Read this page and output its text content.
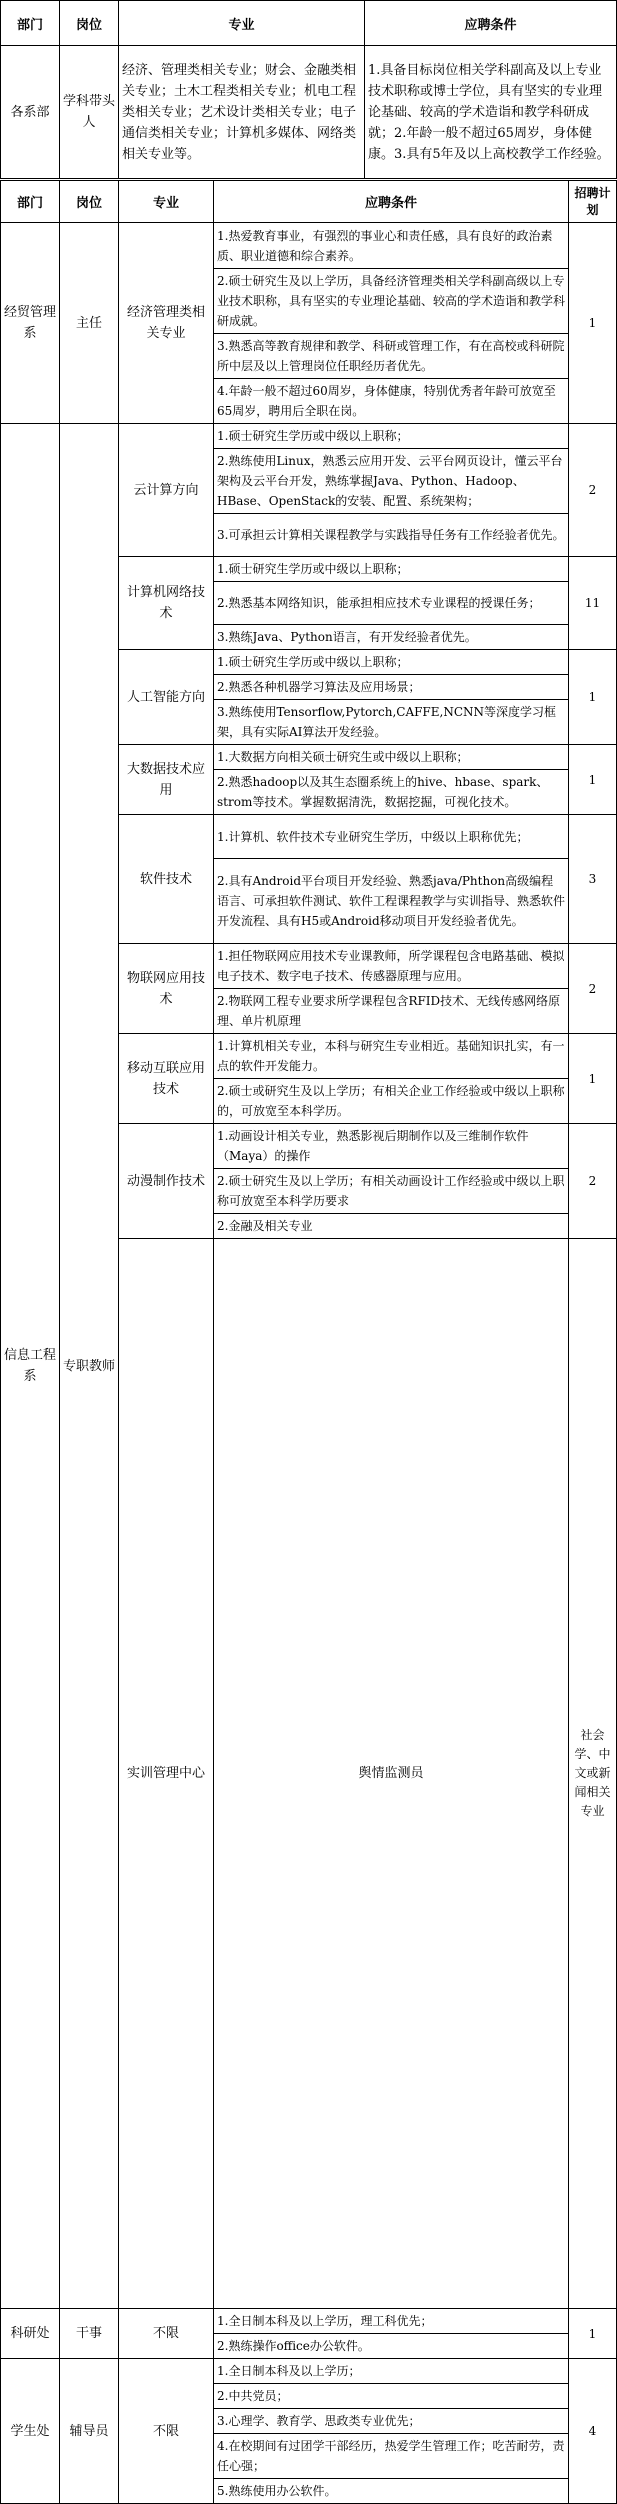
部门	岗位	专业	应聘条件
各系部	学科带头人	经济、管理类相关专业；财会、金融类相关专业；土木工程类相关专业；机电工程类相关专业；艺术设计类相关专业；电子通信类相关专业；计算机多媒体、网络类相关专业等。	1.具备目标岗位相关学科副高及以上专业技术职称或博士学位，具有坚实的专业理论基础、较高的学术造诣和教学科研成就；2.年龄一般不超过65周岁，身体健康。3.具有5年及以上高校教学工作经验。
部门	岗位	专业	应聘条件	招聘计划	
经贸管理系	主任	经济管理类相关专业	1.热爱教育事业，有强烈的事业心和责任感，具有良好的政治素质、职业道德和综合素养。	1	
			2.硕士研究生及以上学历，具备经济管理类相关学科副高级以上专业技术职称，具有坚实的专业理论基础、较高的学术造诣和教学科研成就。		
			3.熟悉高等教育规律和教学、科研或管理工作，有在高校或科研院所中层及以上管理岗位任职经历者优先。		
			4.年龄一般不超过60周岁，身体健康，特别优秀者年龄可放宽至65周岁，聘用后全职在岗。		
信息工程系	专职教师	云计算方向	1.硕士研究生学历或中级以上职称；	2	
			2.熟练使用Linux，熟悉云应用开发、云平台网页设计，懂云平台架构及云平台开发，熟练掌握Java、Python、Hadoop、HBase、OpenStack的安装、配置、系统架构；		
			3.可承担云计算相关课程教学与实践指导任务有工作经验者优先。		
		计算机网络技术	1.硕士研究生学历或中级以上职称；	11	
			2.熟悉基本网络知识，能承担相应技术专业课程的授课任务；		
			3.熟练Java、Python语言，有开发经验者优先。		
		人工智能方向	1.硕士研究生学历或中级以上职称；	1	
			2.熟悉各种机器学习算法及应用场景；		
			3.熟练使用Tensorflow,Pytorch,CAFFE,NCNN等深度学习框架，具有实际AI算法开发经验。		
		大数据技术应用	1.大数据方向相关硕士研究生或中级以上职称；	1	
			2.熟悉hadoop以及其生态圈系统上的hive、hbase、spark、strom等技术。掌握数据清洗，数据挖掘，可视化技术。		
		软件技术	1.计算机、软件技术专业研究生学历，中级以上职称优先；	3	
			2.具有Android平台项目开发经验、熟悉java/Phthon高级编程语言、可承担软件测试、软件工程课程教学与实训指导、熟悉软件开发流程、具有H5或Android移动项目开发经验者优先。		
		物联网应用技术	1.担任物联网应用技术专业课教师，所学课程包含电路基础、模拟电子技术、数字电子技术、传感器原理与应用。	2	
			2.物联网工程专业要求所学课程包含RFID技术、无线传感网络原理、单片机原理		
		移动互联应用技术	1.计算机相关专业，本科与研究生专业相近。基础知识扎实，有一点的软件开发能力。	1	
			2.硕士或研究生及以上学历；有相关企业工作经验或中级以上职称的，可放宽至本科学历。		
		动漫制作技术	1.动画设计相关专业，熟悉影视后期制作以及三维制作软件（Maya）的操作	2	
			2.硕士研究生及以上学历；有相关动画设计工作经验或中级以上职称可放宽至本科学历要求		
			2.金融及相关专业		
		实训管理中心	舆情监测员	社会学、中文或新闻相关专业		

科研处	干事	不限	1.全日制本科及以上学历，理工科优先；	1	
			2.熟练操作office办公软件。		
学生处	辅导员	不限	1.全日制本科及以上学历；	4	
			2.中共党员；		
			3.心理学、教育学、思政类专业优先；		
			4.在校期间有过团学干部经历，热爱学生管理工作；吃苦耐劳，责任心强；		
			5.熟练使用办公软件。		
